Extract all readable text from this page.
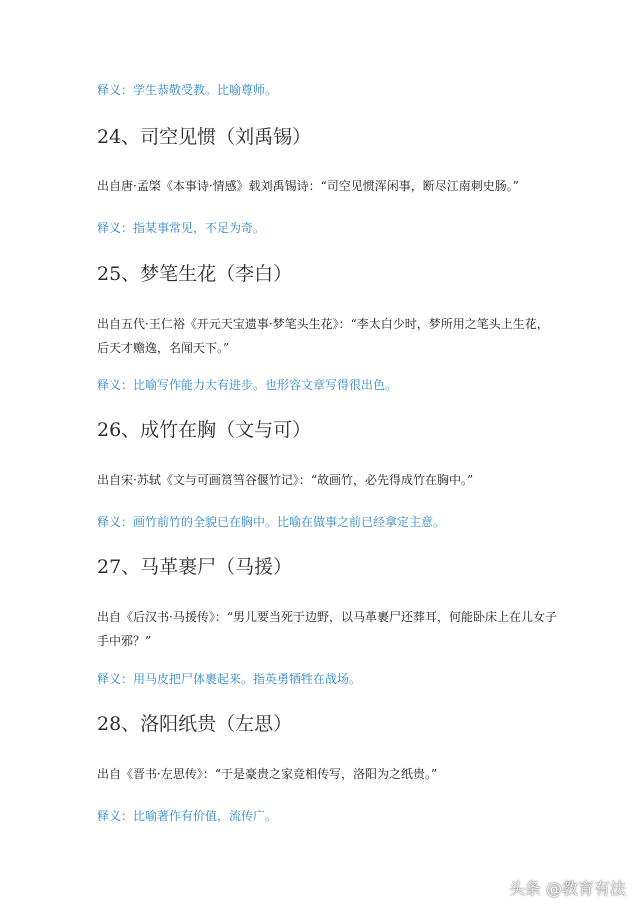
释义：学生恭敬受教。比喻尊师。
24、司空见惯（刘禹锡）
出自唐·孟棨《本事诗·情感》载刘禹锡诗：“司空见惯浑闲事，断尽江南刺史肠。”
释义：指某事常见，不足为奇。
25、梦笔生花（李白）
出自五代·王仁裕《开元天宝遗事·梦笔头生花》：“李太白少时，梦所用之笔头上生花，后天才赡逸，名闻天下。”
释义：比喻写作能力大有进步。也形容文章写得很出色。
26、成竹在胸（文与可）
出自宋·苏轼《文与可画筼筜谷偃竹记》：“故画竹，必先得成竹在胸中。”
释义：画竹前竹的全貌已在胸中。比喻在做事之前已经拿定主意。
27、马革裹尸（马援）
出自《后汉书·马援传》：“男儿要当死于边野，以马革裹尸还葬耳，何能卧床上在儿女子手中邪？”
释义：用马皮把尸体裹起来。指英勇牺牲在战场。
28、洛阳纸贵（左思）
出自《晋书·左思传》：“于是豪贵之家竞相传写，洛阳为之纸贵。”
释义：比喻著作有价值，流传广。
头条 @教育有法
